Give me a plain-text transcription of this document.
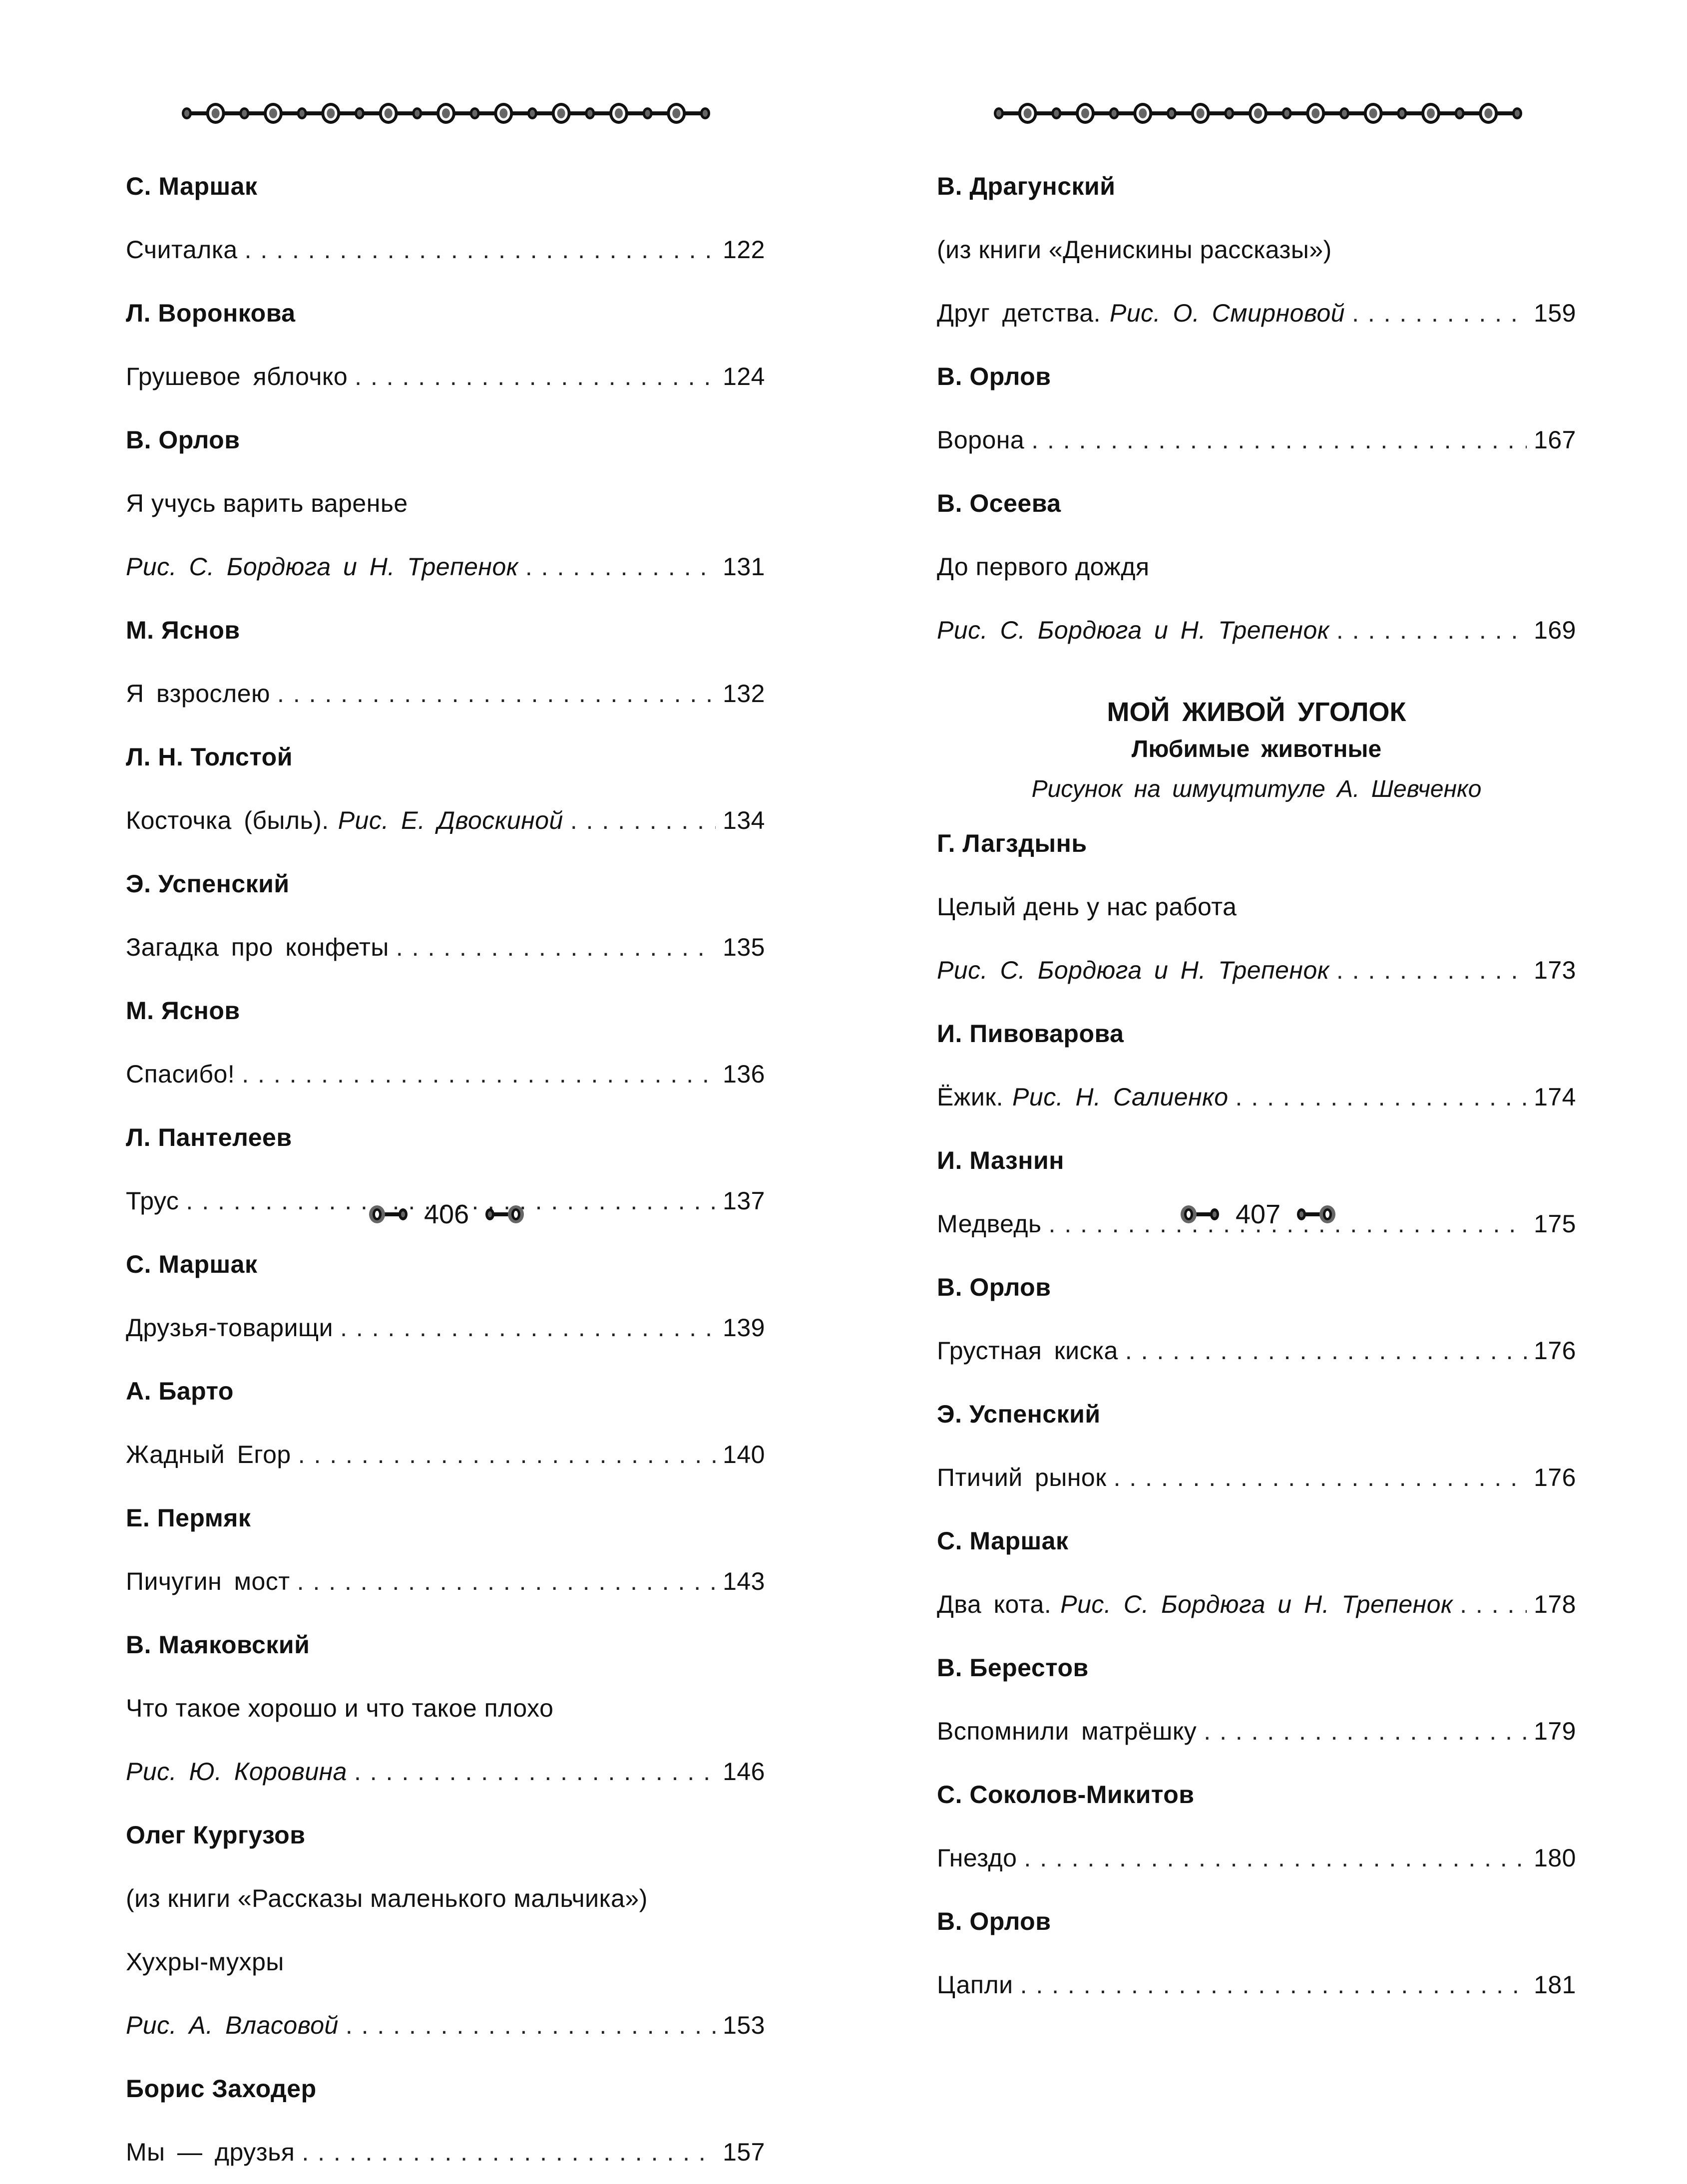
С. Маршак
Считалка . . .	122
Л. Воронкова
Грушевое яблочко . . .	124
В. Орлов
Я учусь варить варенье
Рис. С. Бордюга и Н. Трепенок . . .	131
М. Яснов
Я взрослею . . .	132
Л. Н. Толстой
Косточка (быль). Рис. Е. Двоскиной . . .	134
Э. Успенский
Загадка про конфеты . . .	135
М. Яснов
Спасибо! . . .	136
Л. Пантелеев
Трус . . .	137
С. Маршак
Друзья-товарищи . . .	139
А. Барто
Жадный Егор . . .	140
Е. Пермяк
Пичугин мост . . .	143
В. Маяковский
Что такое хорошо и что такое плохо
Рис. Ю. Коровина . . .	146
Олег Кургузов
(из книги «Рассказы маленького мальчика»)
Хухры-мухры
Рис. А. Власовой . . .	153
Борис Заходер
Мы — друзья . . .	157
В. Драгунский
(из книги «Денискины рассказы»)
Друг детства. Рис. О. Смирновой . . .	159
В. Орлов
Ворона . . .	167
В. Осеева
До первого дождя
Рис. С. Бордюга и Н. Трепенок . . .	169
МОЙ ЖИВОЙ УГОЛОК
Любимые животные
Рисунок на шмуцтитуле А. Шевченко
Г. Лагздынь
Целый день у нас работа
Рис. С. Бордюга и Н. Трепенок . . .	173
И. Пивоварова
Ёжик. Рис. Н. Салиенко . . .	174
И. Мазнин
Медведь . . .	175
В. Орлов
Грустная киска . . .	176
Э. Успенский
Птичий рынок . . .	176
С. Маршак
Два кота. Рис. С. Бордюга и Н. Трепенок . . .	178
В. Берестов
Вспомнили матрёшку . . .	179
С. Соколов-Микитов
Гнездо . . .	180
В. Орлов
Цапли . . .	181
406	407
